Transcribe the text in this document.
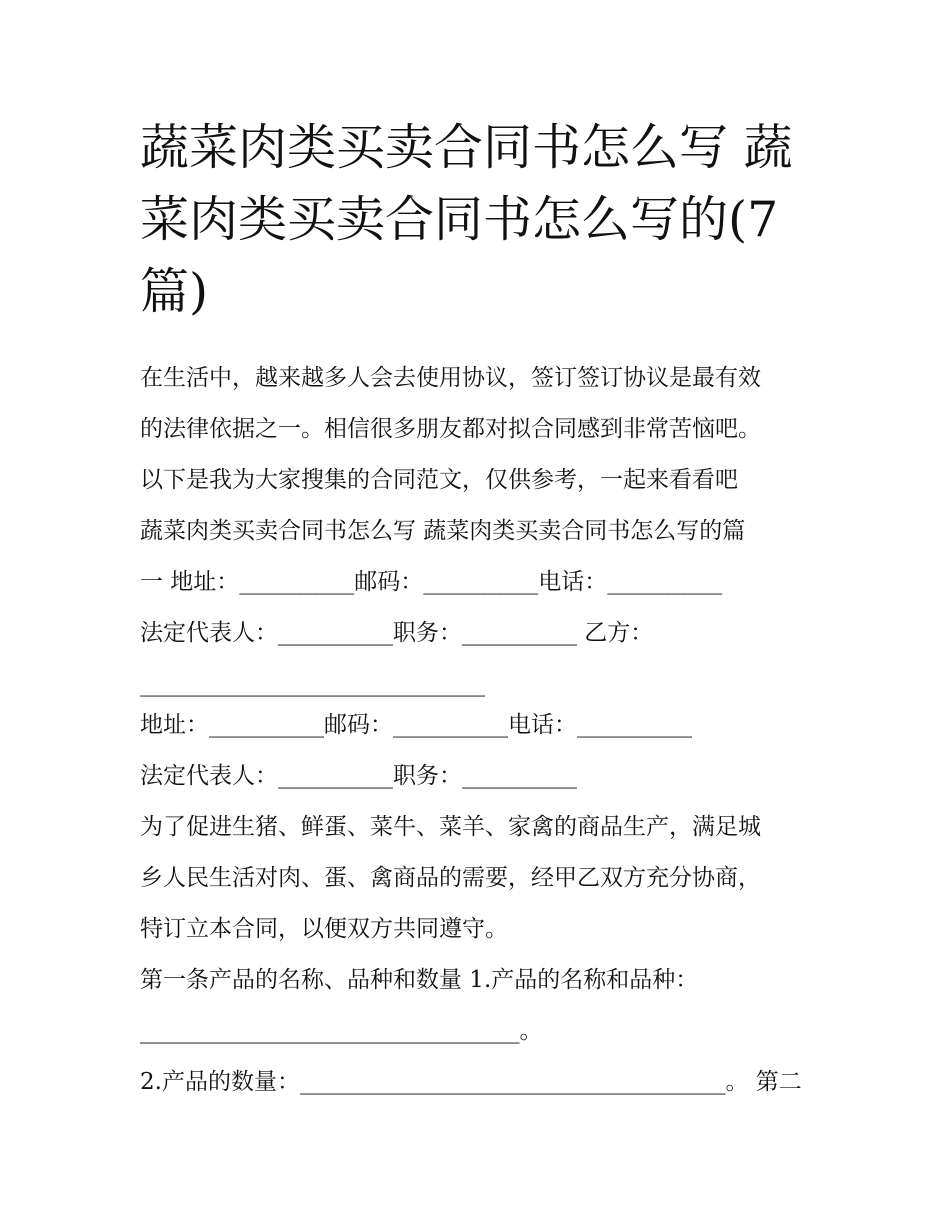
蔬菜肉类买卖合同书怎么写 蔬菜肉类买卖合同书怎么写的(7篇)
在生活中，越来越多人会去使用协议，签订签订协议是最有效
的法律依据之一。相信很多朋友都对拟合同感到非常苦恼吧。
以下是我为大家搜集的合同范文，仅供参考，一起来看看吧
蔬菜肉类买卖合同书怎么写 蔬菜肉类买卖合同书怎么写的篇
一 地址：__________邮码：__________电话：__________
法定代表人：__________职务：__________ 乙方：
______________________________
地址：__________邮码：__________电话：__________
法定代表人：__________职务：__________
为了促进生猪、鲜蛋、菜牛、菜羊、家禽的商品生产，满足城
乡人民生活对肉、蛋、禽商品的需要，经甲乙双方充分协商，
特订立本合同，以便双方共同遵守。
第一条产品的名称、品种和数量 1.产品的名称和品种：
_________________________________。
2.产品的数量：_____________________________________。 第二
